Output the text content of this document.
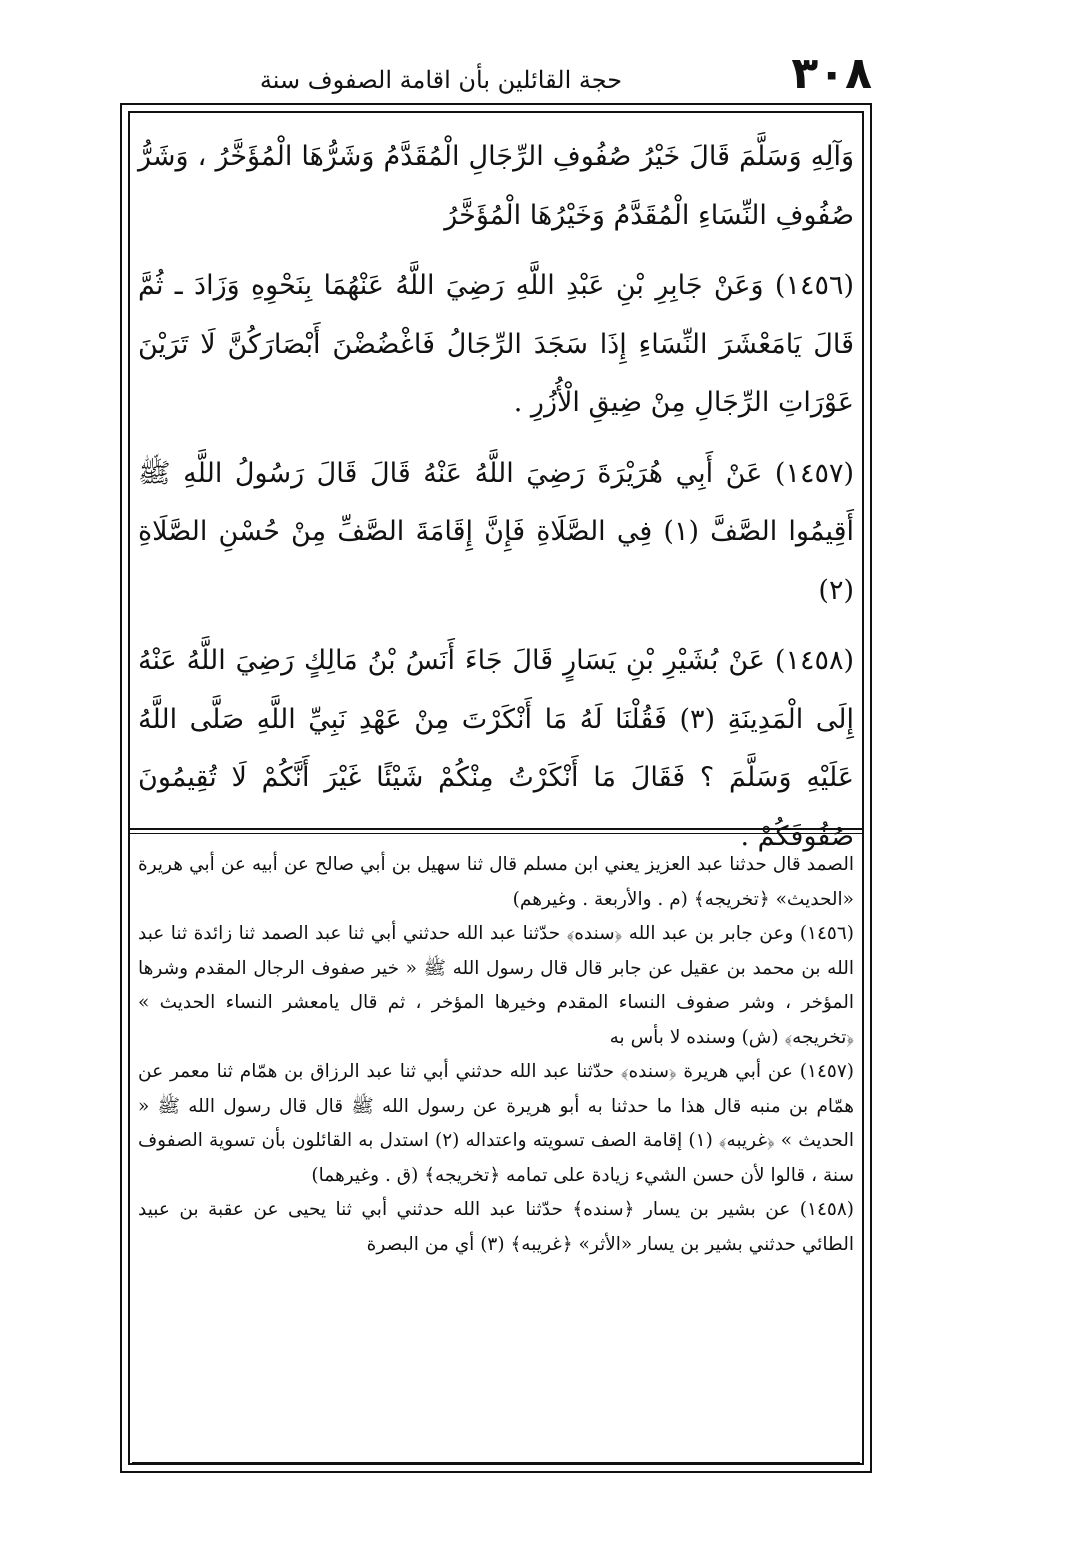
٣٠٨
حجة القائلين بأن اقامة الصفوف سنة

وَآلِهِ وَسَلَّمَ قَالَ خَيْرُ صُفُوفِ الرِّجَالِ الْمُقَدَّمُ وَشَرُّهَا الْمُؤَخَّرُ ، وَشَرُّ صُفُوفِ النِّسَاءِ الْمُقَدَّمُ وَخَيْرُهَا الْمُؤَخَّرُ

(١٤٥٦) وَعَنْ جَابِرِ بْنِ عَبْدِ اللَّهِ رَضِيَ اللَّهُ عَنْهُمَا بِنَحْوِهِ وَزَادَ ـ ثُمَّ قَالَ يَامَعْشَرَ النِّسَاءِ إِذَا سَجَدَ الرِّجَالُ فَاغْضُضْنَ أَبْصَارَكُنَّ لَا تَرَيْنَ عَوْرَاتِ الرِّجَالِ مِنْ ضِيقِ الْأُزُرِ .

(١٤٥٧) عَنْ أَبِي هُرَيْرَةَ رَضِيَ اللَّهُ عَنْهُ قَالَ قَالَ رَسُولُ اللَّهِ ﷺ أَقِيمُوا الصَّفَّ (١) فِي الصَّلَاةِ فَإِنَّ إِقَامَةَ الصَّفِّ مِنْ حُسْنِ الصَّلَاةِ (٢)

(١٤٥٨) عَنْ بُشَيْرِ بْنِ يَسَارٍ قَالَ جَاءَ أَنَسُ بْنُ مَالِكٍ رَضِيَ اللَّهُ عَنْهُ إِلَى الْمَدِينَةِ (٣) فَقُلْنَا لَهُ مَا أَنْكَرْتَ مِنْ عَهْدِ نَبِيِّ اللَّهِ صَلَّى اللَّهُ عَلَيْهِ وَسَلَّمَ ؟ فَقَالَ مَا أَنْكَرْتُ مِنْكُمْ شَيْئًا غَيْرَ أَنَّكُمْ لَا تُقِيمُونَ صُفُوفَكُمْ .

الصمد قال حدثنا عبد العزيز يعني ابن مسلم قال ثنا سهيل بن أبي صالح عن أبيه عن أبي هريرة «الحديث» ﴿تخريجه﴾ (م . والأربعة . وغيرهم)

(١٤٥٦) وعن جابر بن عبد الله ﴿سنده﴾ حدّثنا عبد الله حدثني أبي ثنا عبد الصمد ثنا زائدة ثنا عبد الله بن محمد بن عقيل عن جابر قال قال رسول الله ﷺ « خير صفوف الرجال المقدم وشرها المؤخر ، وشر صفوف النساء المقدم وخيرها المؤخر ، ثم قال يامعشر النساء الحديث » ﴿تخريجه﴾ (ش) وسنده لا بأس به

(١٤٥٧) عن أبي هريرة ﴿سنده﴾ حدّثنا عبد الله حدثني أبي ثنا عبد الرزاق بن همّام ثنا معمر عن همّام بن منبه قال هذا ما حدثنا به أبو هريرة عن رسول الله ﷺ قال قال رسول الله ﷺ « الحديث » ﴿غريبه﴾ (١) إقامة الصف تسويته واعتداله (٢) استدل به القائلون بأن تسوية الصفوف سنة ، قالوا لأن حسن الشيء زيادة على تمامه ﴿تخريجه﴾ (ق . وغيرهما)

(١٤٥٨) عن بشير بن يسار ﴿سنده﴾ حدّثنا عبد الله حدثني أبي ثنا يحيى عن عقبة بن عبيد الطائي حدثني بشير بن يسار «الأثر» ﴿غريبه﴾ (٣) أي من البصرة
